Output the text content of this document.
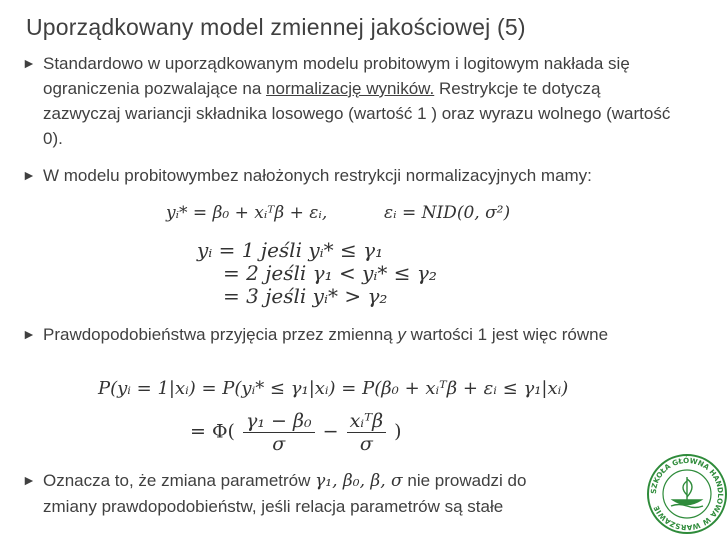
Uporządkowany model zmiennej jakościowej (5)
► Standardowo w uporządkowanym modelu probitowym i logitowym nakłada się ograniczenia pozwalające na normalizację wyników. Restrykcje te dotyczą zazwyczaj wariancji składnika losowego (wartość 1 ) oraz wyrazu wolnego (wartość 0).
► W modelu probitowymbez nałożonych restrykcji normalizacyjnych mamy:
yᵢ* = β₀ + xᵢᵀβ + εᵢ,	εᵢ = NID(0, σ²)
yᵢ = 1 jeśli yᵢ* ≤ γ₁
= 2 jeśli γ₁ < yᵢ* ≤ γ₂
= 3 jeśli yᵢ* > γ₂
► Prawdopodobieństwa przyjęcia przez zmienną y wartości 1 jest więc równe
P(yᵢ = 1|xᵢ) = P(yᵢ* ≤ γ₁|xᵢ) = P(β₀ + xᵢᵀβ + εᵢ ≤ γ₁|xᵢ)
= $\Phi( \frac{\text{γ₁ − β₀}}{\sigma} - \frac{\text{xᵢᵀβ}}{\sigma}$ )
► Oznacza to, że zmiana parametrów γ₁, β₀, β, σ nie prowadzi do
zmiany prawdopodobieństw, jeśli relacja parametrów są stałe
SZKOŁA GŁÓWNA HANDLOWA W WARSZAWIE
